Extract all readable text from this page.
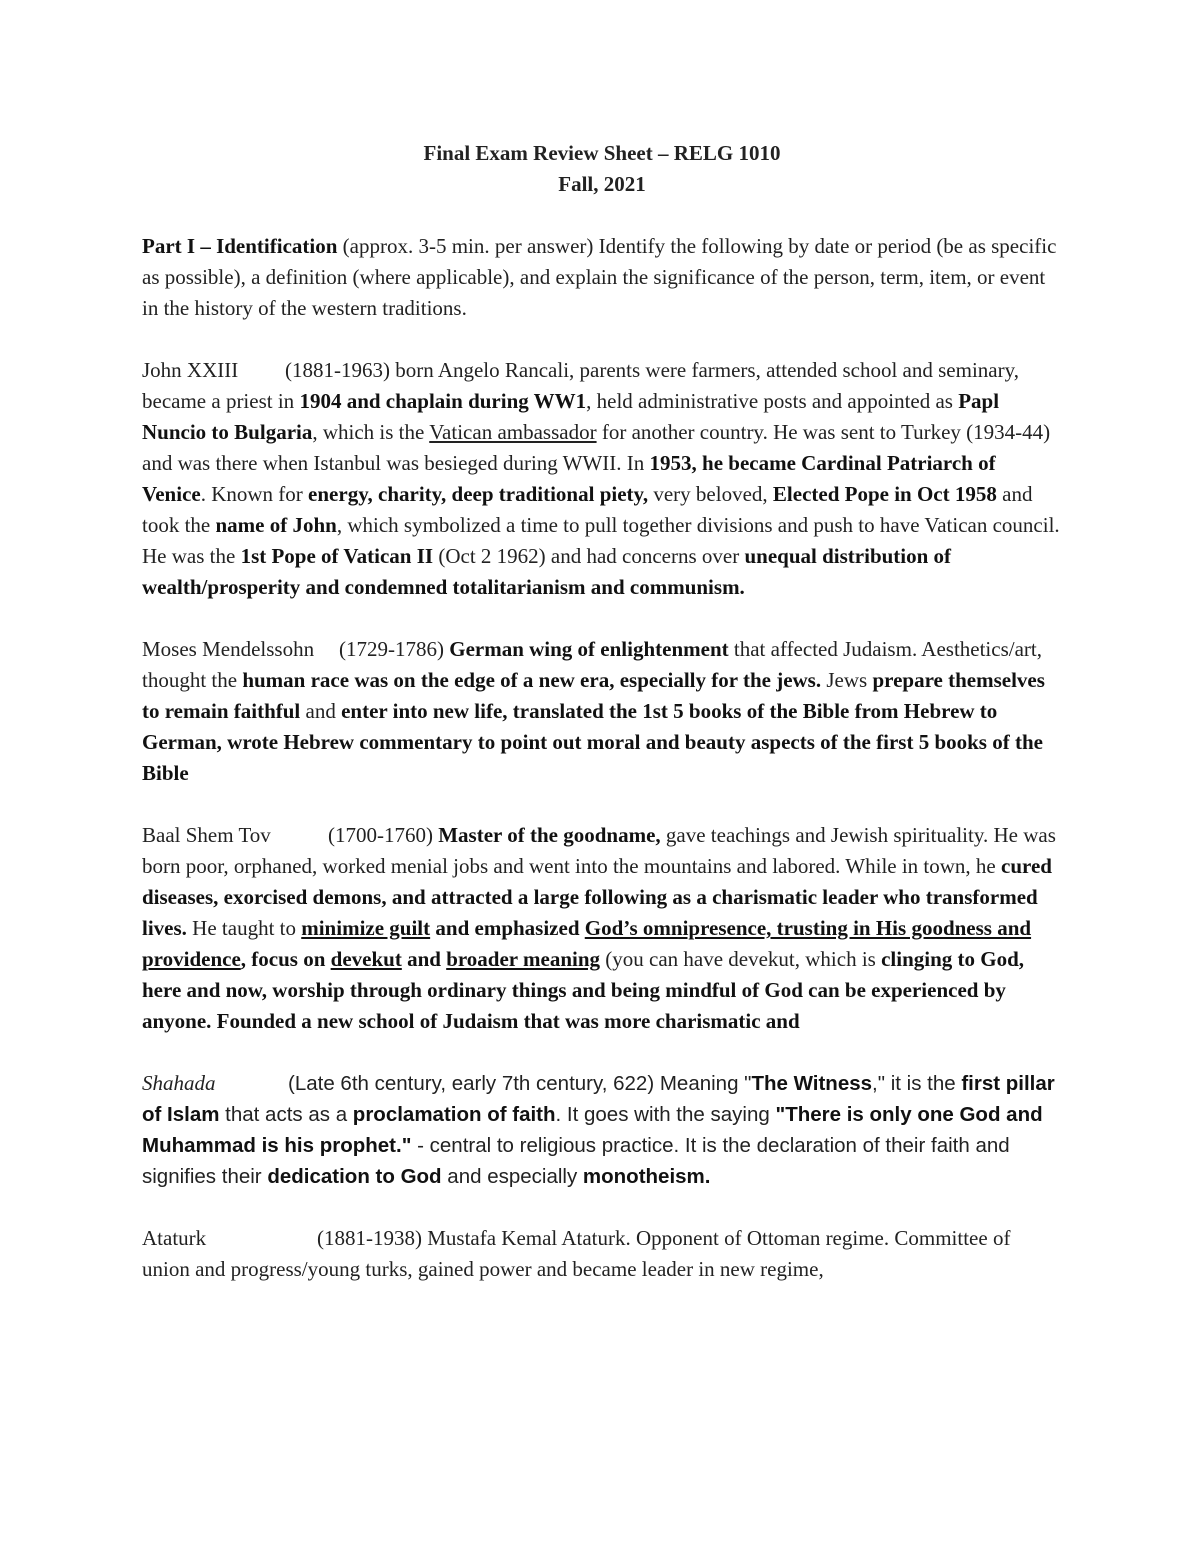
Final Exam Review Sheet – RELG 1010

Fall, 2021

Part I – Identification (approx. 3-5 min. per answer) Identify the following by date or period (be as specific as possible), a definition (where applicable), and explain the significance of the person, term, item, or event in the history of the western traditions.

John XXIII (1881-1963) born Angelo Rancali, parents were farmers, attended school and seminary, became a priest in 1904 and chaplain during WW1, held administrative posts and appointed as Papl Nuncio to Bulgaria, which is the Vatican ambassador for another country. He was sent to Turkey (1934-44) and was there when Istanbul was besieged during WWII. In 1953, he became Cardinal Patriarch of Venice. Known for energy, charity, deep traditional piety, very beloved, Elected Pope in Oct 1958 and took the name of John, which symbolized a time to pull together divisions and push to have Vatican council. He was the 1st Pope of Vatican II (Oct 2 1962) and had concerns over unequal distribution of wealth/prosperity and condemned totalitarianism and communism.

Moses Mendelssohn (1729-1786) German wing of enlightenment that affected Judaism. Aesthetics/art, thought the human race was on the edge of a new era, especially for the jews. Jews prepare themselves to remain faithful and enter into new life, translated the 1st 5 books of the Bible from Hebrew to German, wrote Hebrew commentary to point out moral and beauty aspects of the first 5 books of the Bible

Baal Shem Tov	(1700-1760) Master of the goodname, gave teachings and Jewish spirituality. He was born poor, orphaned, worked menial jobs and went into the mountains and labored. While in town, he cured diseases, exorcised demons, and attracted a large following as a charismatic leader who transformed lives. He taught to minimize guilt and emphasized God’s omnipresence, trusting in His goodness and providence, focus on devekut and broader meaning (you can have devekut, which is clinging to God, here and now, worship through ordinary things and being mindful of God can be experienced by anyone. Founded a new school of Judaism that was more charismatic and

Shahada	(Late 6th century, early 7th century, 622) Meaning "The Witness," it is the first pillar of Islam that acts as a proclamation of faith. It goes with the saying "There is only one God and Muhammad is his prophet." - central to religious practice. It is the declaration of their faith and signifies their dedication to God and especially monotheism.

Ataturk	(1881-1938) Mustafa Kemal Ataturk. Opponent of Ottoman regime. Committee of union and progress/young turks, gained power and became leader in new regime,
